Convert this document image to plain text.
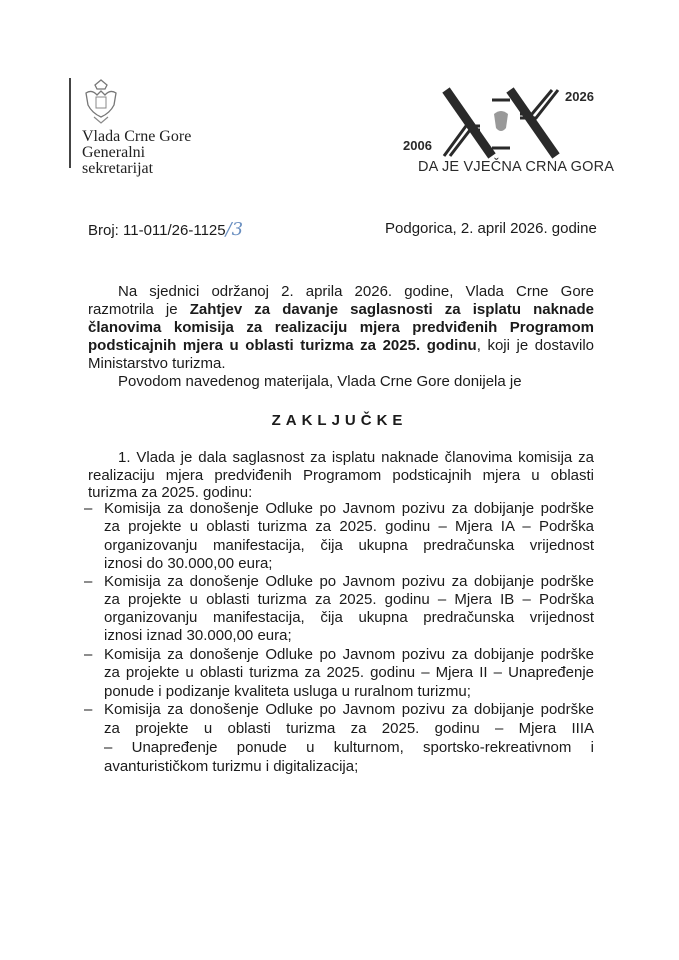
Vlada Crne Gore
Generalni
sekretarijat
2026
2006
DA JE VJEČNA CRNA GORA
Broj: 11-011/26-1125/3	Podgorica, 2. april 2026. godine
Na sjednici održanoj 2. aprila 2026. godine, Vlada Crne Gore
razmotrila je Zahtjev za davanje saglasnosti za isplatu naknade
članovima komisija za realizaciju mjera predviđenih Programom
podsticajnih mjera u oblasti turizma za 2025. godinu, koji je dostavilo
Ministarstvo turizma.
Povodom navedenog materijala, Vlada Crne Gore donijela je
ZAKLJUČKE
1. Vlada je dala saglasnost za isplatu naknade članovima komisija za
realizaciju mjera predviđenih Programom podsticajnih mjera u oblasti
turizma za 2025. godinu:
– Komisija za donošenje Odluke po Javnom pozivu za dobijanje podrške
za projekte u oblasti turizma za 2025. godinu – Mjera IA – Podrška
organizovanju manifestacija, čija ukupna predračunska vrijednost
iznosi do 30.000,00 eura;
– Komisija za donošenje Odluke po Javnom pozivu za dobijanje podrške
za projekte u oblasti turizma za 2025. godinu – Mjera IB – Podrška
organizovanju manifestacija, čija ukupna predračunska vrijednost
iznosi iznad 30.000,00 eura;
– Komisija za donošenje Odluke po Javnom pozivu za dobijanje podrške
za projekte u oblasti turizma za 2025. godinu – Mjera II – Unapređenje
ponude i podizanje kvaliteta usluga u ruralnom turizmu;
– Komisija za donošenje Odluke po Javnom pozivu za dobijanje podrške
za projekte u oblasti turizma za 2025. godinu – Mjera IIIA
– Unapređenje ponude u kulturnom, sportsko-rekreativnom i
avanturističkom turizmu i digitalizacija;
